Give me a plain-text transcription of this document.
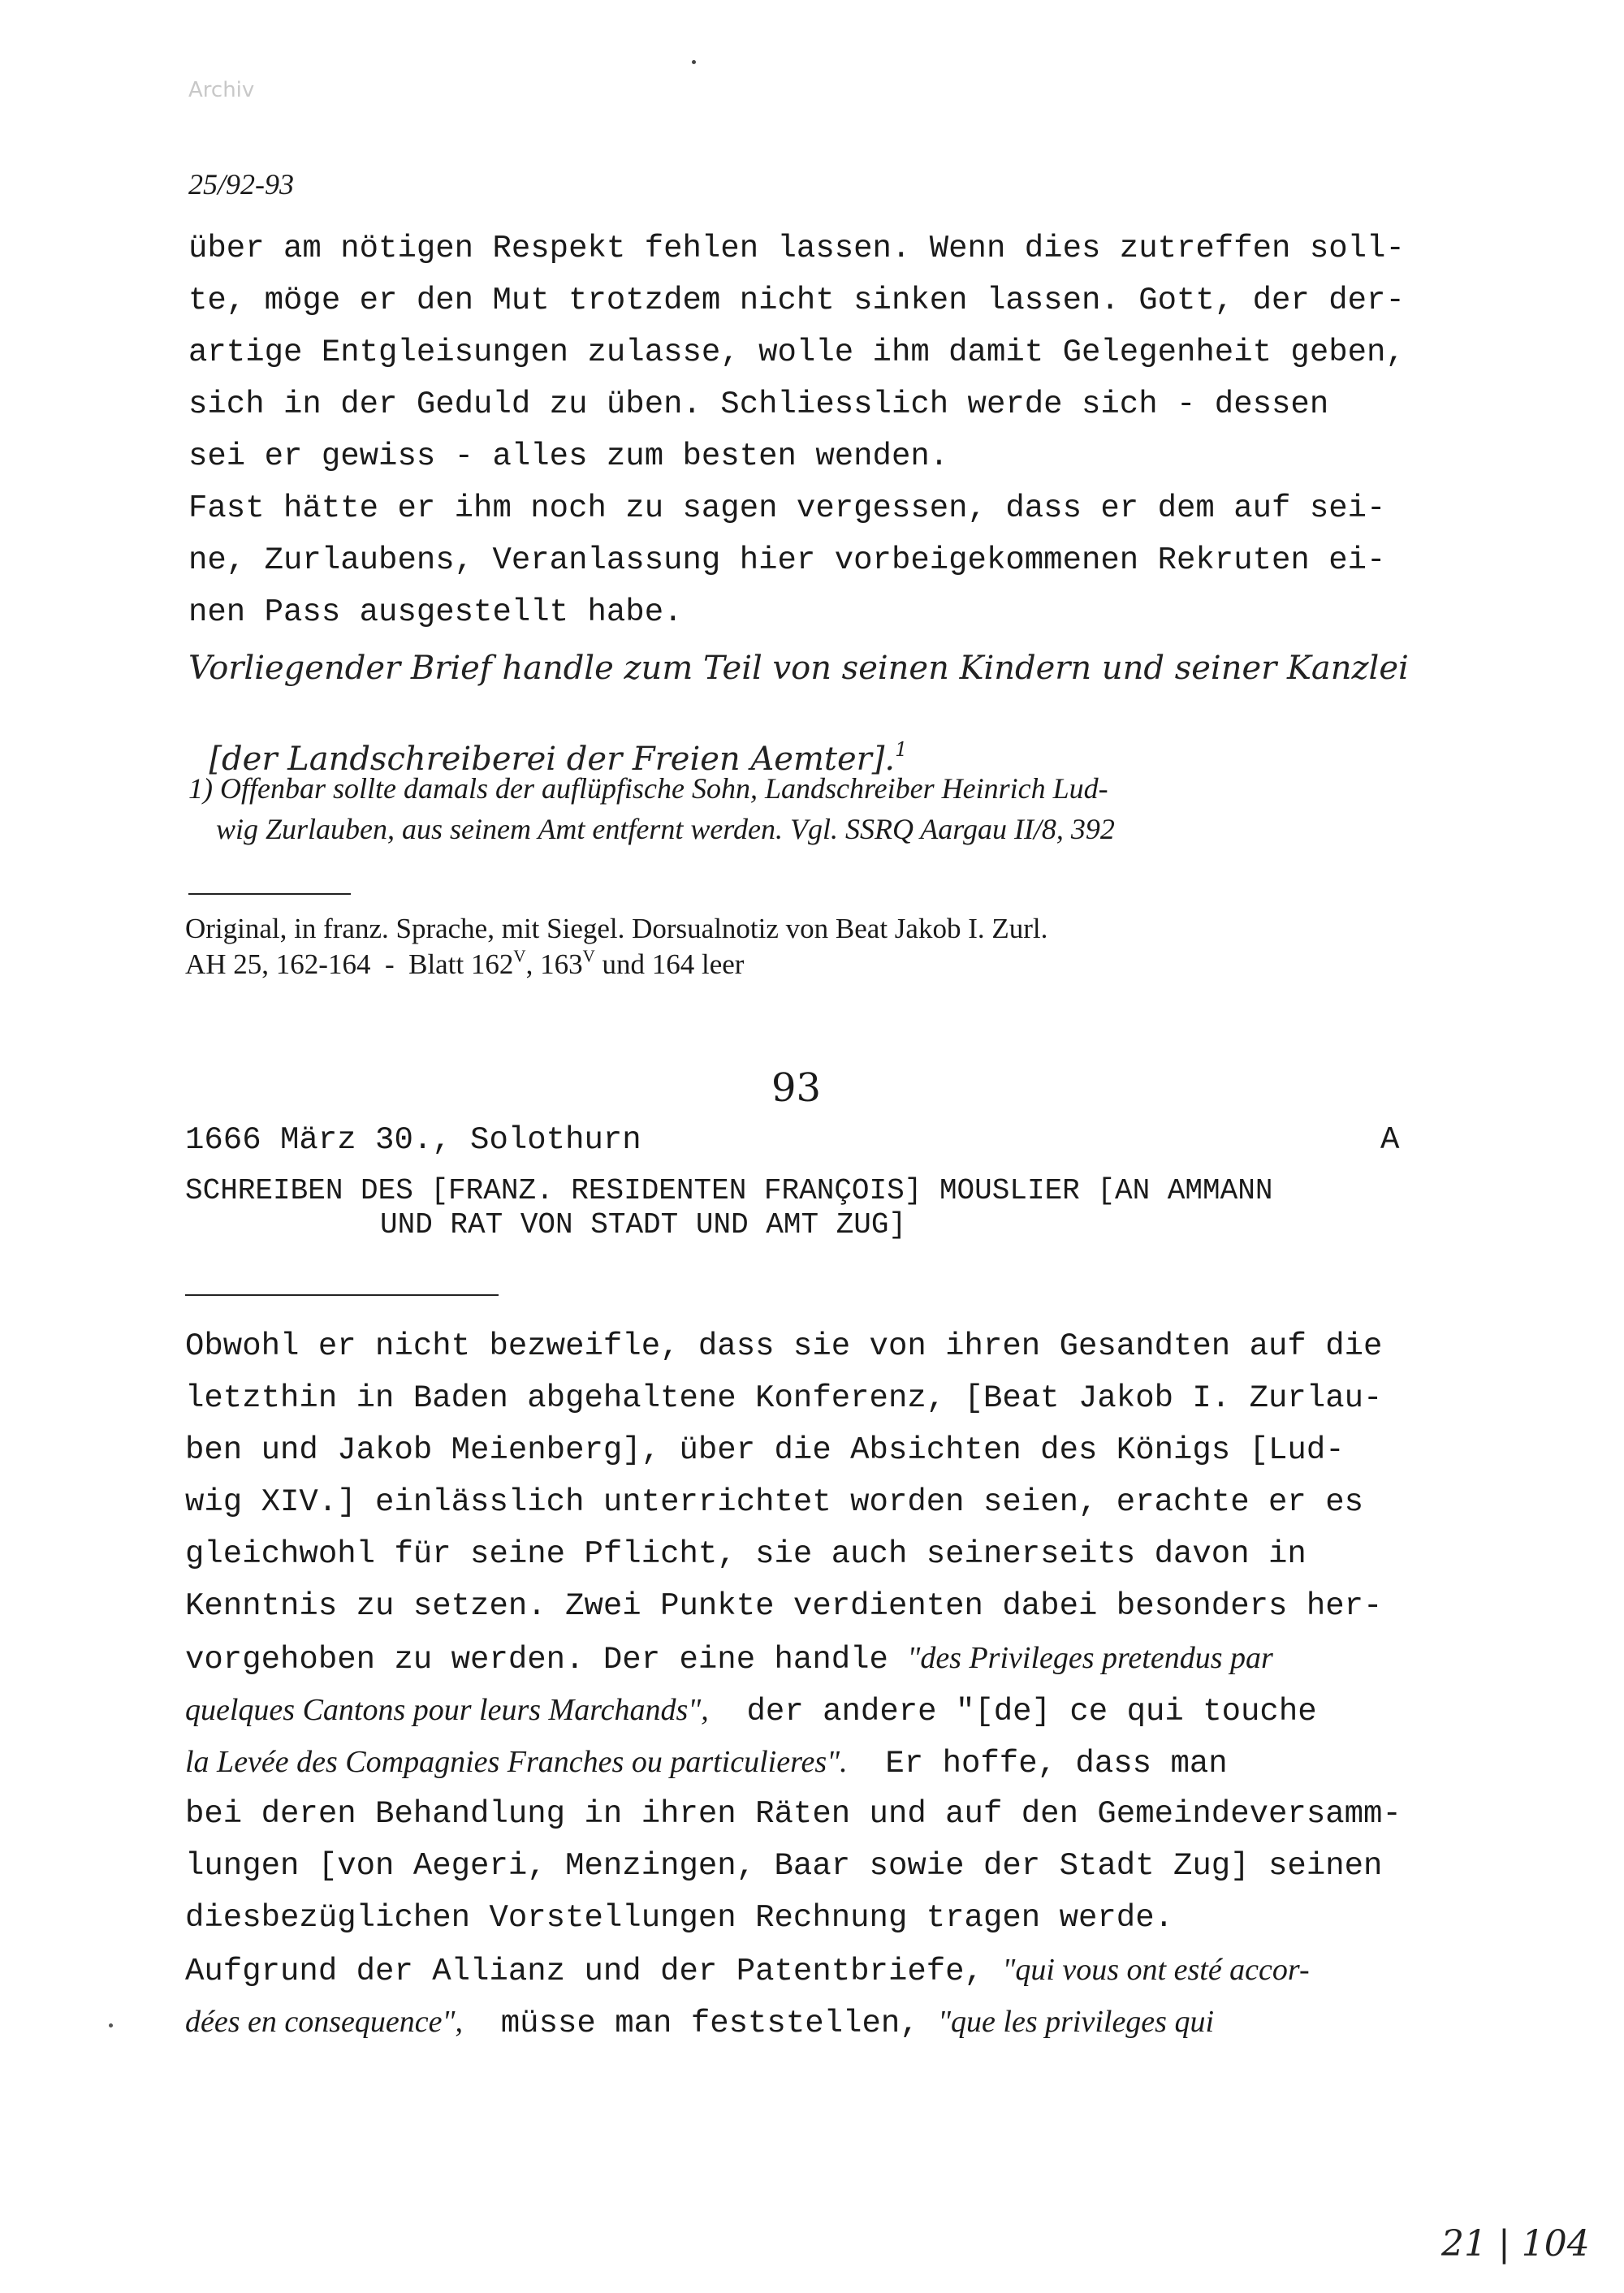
Archiv
25/92-93
über am nötigen Respekt fehlen lassen. Wenn dies zutreffen soll-
te, möge er den Mut trotzdem nicht sinken lassen. Gott, der der-
artige Entgleisungen zulasse, wolle ihm damit Gelegenheit geben,
sich in der Geduld zu üben. Schliesslich werde sich - dessen
sei er gewiss - alles zum besten wenden.
Fast hätte er ihm noch zu sagen vergessen, dass er dem auf sei-
ne, Zurlaubens, Veranlassung hier vorbeigekommenen Rekruten ei-
nen Pass ausgestellt habe.
Vorliegender Brief handle zum Teil von seinen Kindern und seiner Kanzlei

[der Landschreiberei der Freien Aemter].$^1$

1) Offenbar sollte damals der auflüpfische Sohn, Landschreiber Heinrich Lud-
wig Zurlauben, aus seinem Amt entfernt werden. Vgl. SSRQ Aargau II/8, 392
Original, in franz. Sprache, mit Siegel. Dorsualnotiz von Beat Jakob I. Zurl.
AH 25, 162-164  -  Blatt $162^V$, $163^V$ und 164 leer
93
1666 März 30., Solothurn	A
SCHREIBEN DES [FRANZ. RESIDENTEN FRANÇOIS] MOUSLIER [AN AMMANN
UND RAT VON STADT UND AMT ZUG]
Obwohl er nicht bezweifle, dass sie von ihren Gesandten auf die
letzthin in Baden abgehaltene Konferenz, [Beat Jakob I. Zurlau-
ben und Jakob Meienberg], über die Absichten des Königs [Lud-
wig XIV.] einlässlich unterrichtet worden seien, erachte er es
gleichwohl für seine Pflicht, sie auch seinerseits davon in
Kenntnis zu setzen. Zwei Punkte verdienten dabei besonders her-
vorgehoben zu werden. Der eine handle "des Privileges pretendus par
quelques Cantons pour leurs Marchands",  der andere "[de] ce qui touche
la Levée des Compagnies Franches ou particulieres".  Er hoffe, dass man
bei deren Behandlung in ihren Räten und auf den Gemeindeversamm-
lungen [von Aegeri, Menzingen, Baar sowie der Stadt Zug] seinen
diesbezüglichen Vorstellungen Rechnung tragen werde.
Aufgrund der Allianz und der Patentbriefe, "qui vous ont esté accor-
dées en consequence",  müsse man feststellen, "que les privileges qui
21 | 104
